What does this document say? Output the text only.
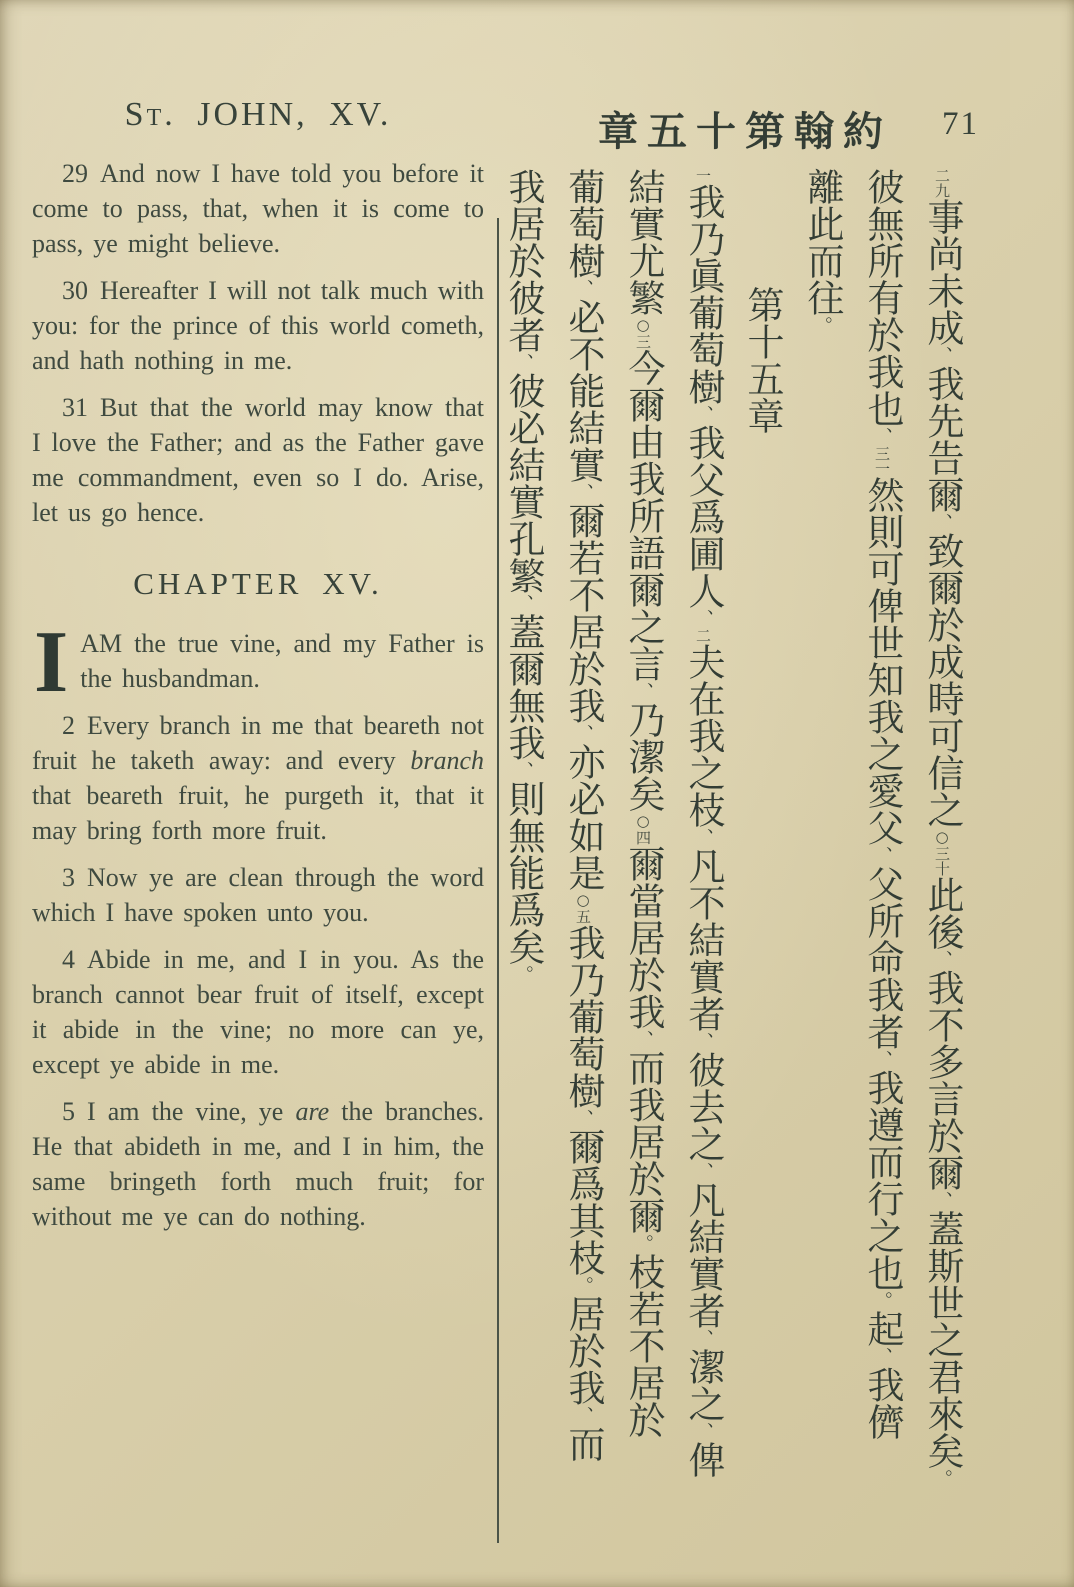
St. JOHN, XV.

29 And now I have told you before it come to pass, that, when it is come to pass, ye might believe.

30 Hereafter I will not talk much with you: for the prince of this world cometh, and hath nothing in me.

31 But that the world may know that I love the Father; and as the Father gave me commandment, even so I do. Arise, let us go hence.

CHAPTER XV.

IAM the true vine, and my Father is the husbandman.

2 Every branch in me that beareth not fruit he taketh away: and every branch that beareth fruit, he purgeth it, that it may bring forth more fruit.

3 Now ye are clean through the word which I have spoken unto you.

4 Abide in me, and I in you. As the branch cannot bear fruit of itself, except it abide in the vine; no more can ye, except ye abide in me.

5 I am the vine, ye are the branches. He that abideth in me, and I in him, the same bringeth forth much fruit; for without me ye can do nothing.

章五十第翰約 71
二九事尚未成、我先告爾、致爾於成時可信之○三十此後、我不多言於爾、蓋斯世之君來矣。
彼無所有於我也、三一然則可俾世知我之愛父、父所命我者、我遵而行之也。起、我儕
離此而往。
第十五章
一我乃眞葡萄樹、我父爲圃人、二夫在我之枝、凡不結實者、彼去之、凡結實者、潔之、俾
結實尤繁○三今爾由我所語爾之言、乃潔矣○四爾當居於我、而我居於爾。枝若不居於
葡萄樹、必不能結實、爾若不居於我、亦必如是○五我乃葡萄樹、爾爲其枝。居於我、而
我居於彼者、彼必結實孔繁、蓋爾無我、則無能爲矣。
